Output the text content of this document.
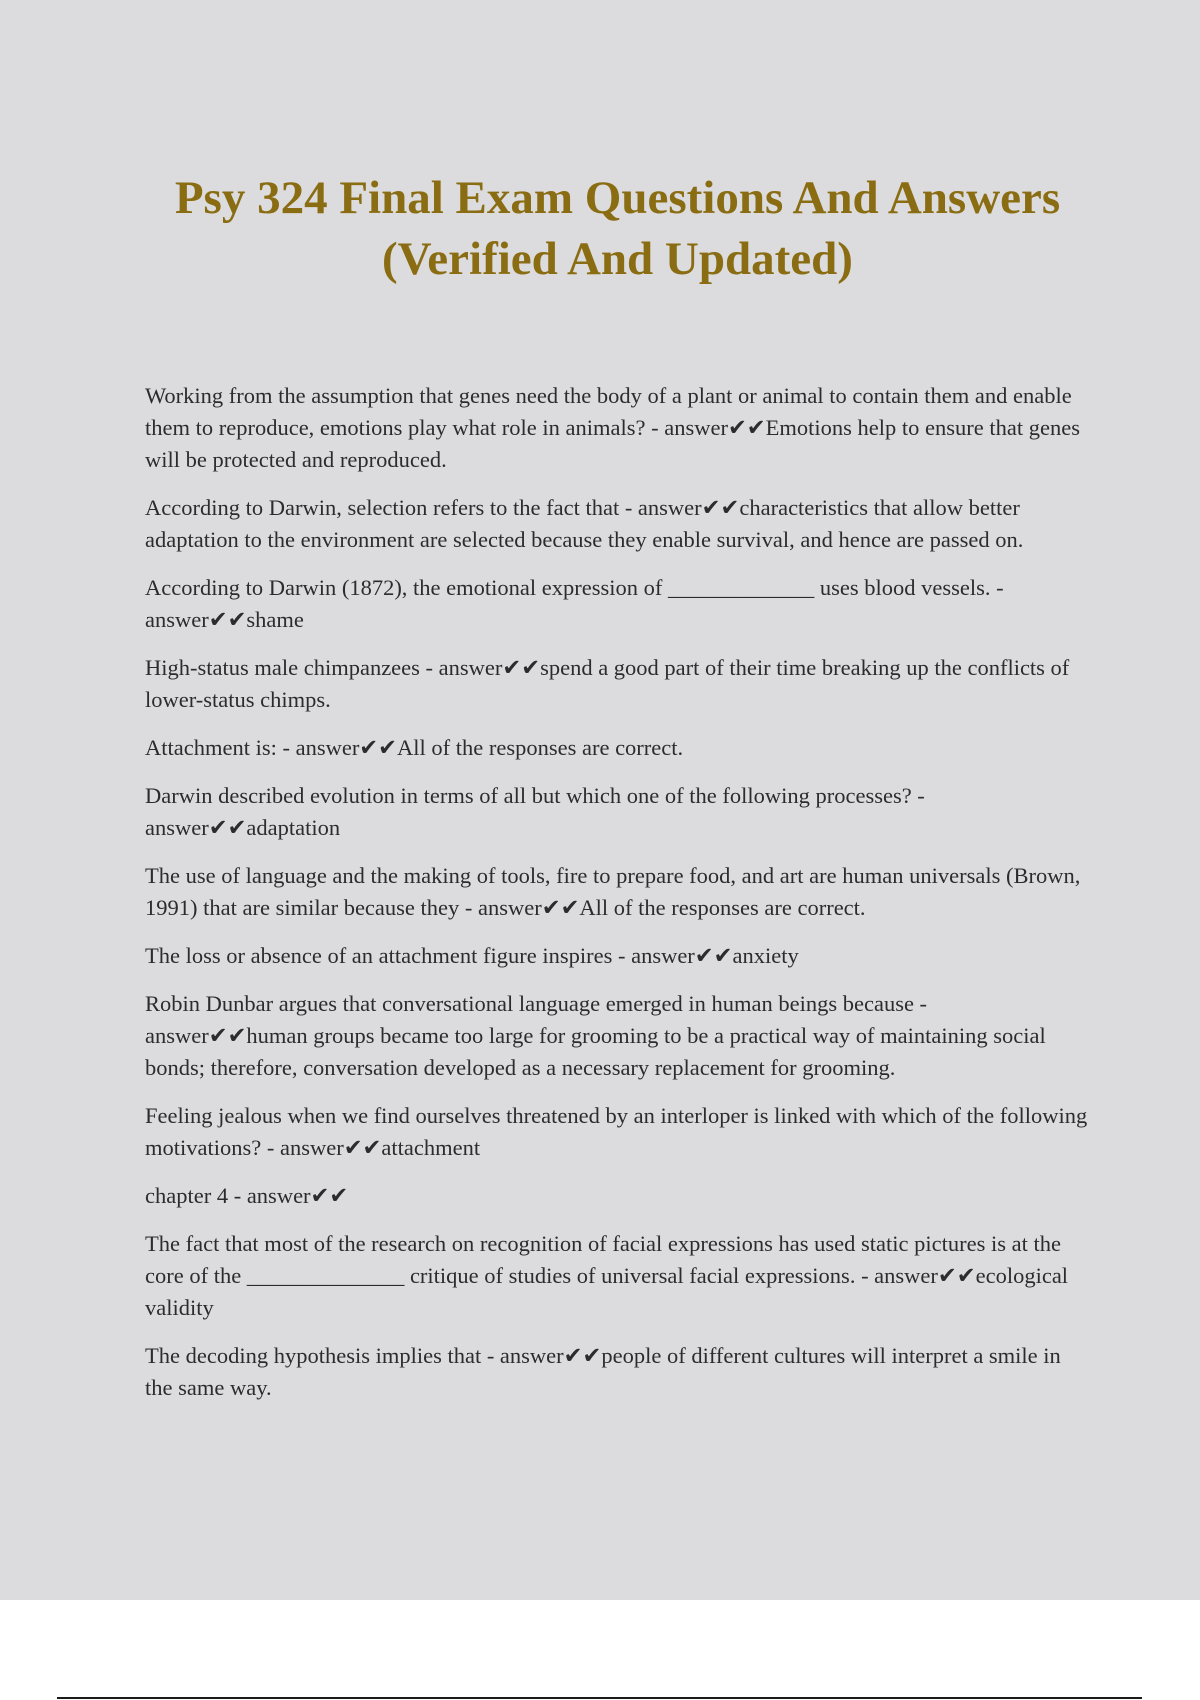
Psy 324 Final Exam Questions And Answers (Verified And Updated)

Working from the assumption that genes need the body of a plant or animal to contain them and enable them to reproduce, emotions play what role in animals? - answer✔✔Emotions help to ensure that genes will be protected and reproduced.

According to Darwin, selection refers to the fact that - answer✔✔characteristics that allow better adaptation to the environment are selected because they enable survival, and hence are passed on.

According to Darwin (1872), the emotional expression of _____________ uses blood vessels. - answer✔✔shame

High-status male chimpanzees - answer✔✔spend a good part of their time breaking up the conflicts of lower-status chimps.

Attachment is: - answer✔✔All of the responses are correct.

Darwin described evolution in terms of all but which one of the following processes? - answer✔✔adaptation

The use of language and the making of tools, fire to prepare food, and art are human universals (Brown, 1991) that are similar because they - answer✔✔All of the responses are correct.

The loss or absence of an attachment figure inspires - answer✔✔anxiety

Robin Dunbar argues that conversational language emerged in human beings because - answer✔✔human groups became too large for grooming to be a practical way of maintaining social bonds; therefore, conversation developed as a necessary replacement for grooming.

Feeling jealous when we find ourselves threatened by an interloper is linked with which of the following motivations? - answer✔✔attachment

chapter 4 - answer✔✔

The fact that most of the research on recognition of facial expressions has used static pictures is at the core of the ______________ critique of studies of universal facial expressions. - answer✔✔ecological validity

The decoding hypothesis implies that - answer✔✔people of different cultures will interpret a smile in the same way.
